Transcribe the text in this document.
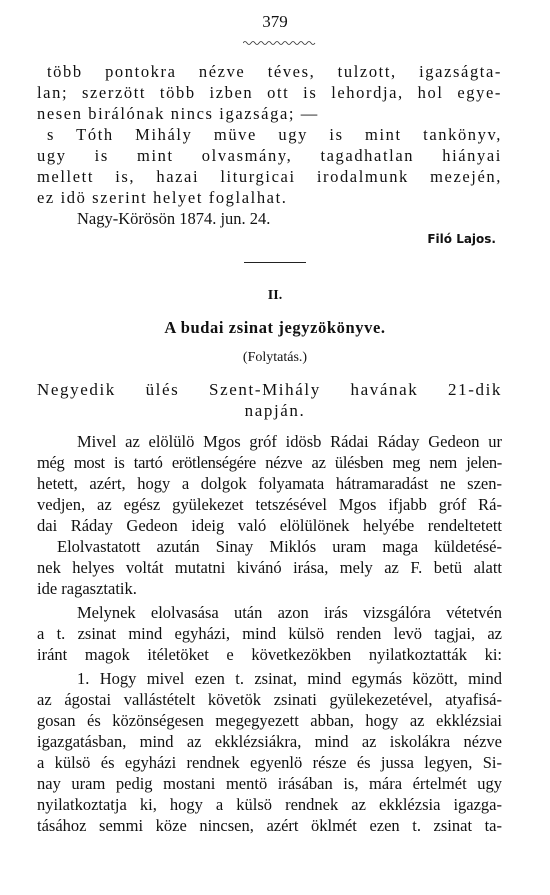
379
több pontokra nézve téves, tulzott, igazságta-
lan; szerzött több izben ott is lehordja, hol egye-
nesen birálónak nincs igazsága; —
s Tóth Mihály müve ugy is mint tankönyv,
ugy is mint olvasmány, tagadhatlan hiányai
mellett is, hazai liturgicai irodalmunk mezején,
ez idö szerint helyet foglalhat.
Nagy-Körösön 1874. jun. 24.
Filó Lajos.
II.
A budai zsinat jegyzökönyve.
(Folytatás.)
Negyedik ülés Szent-Mihály havának 21-dik
napján.
Mivel az elölülö Mgos gróf idösb Rádai Ráday Gedeon ur
még most is tartó erötlenségére nézve az ülésben meg nem jelen-
hetett, azért, hogy a dolgok folyamata hátramaradást ne szen-
vedjen, az egész gyülekezet tetszésével Mgos ifjabb gróf Rá-
dai Ráday Gedeon ideig való elölülönek helyébe rendeltetett
Elolvastatott azután Sinay Miklós uram maga küldetésé-
nek helyes voltát mutatni kivánó irása, mely az F. betü alatt
ide ragasztatik.
Melynek elolvasása után azon irás vizsgálóra vétetvén
a t. zsinat mind egyházi, mind külsö renden levö tagjai, az
iránt magok itéletöket e következökben nyilatkoztatták ki:
1. Hogy mivel ezen t. zsinat, mind egymás között, mind
az ágostai vallástételt követök zsinati gyülekezetével, atyafisá-
gosan és közönségesen megegyezett abban, hogy az ekklézsiai
igazgatásban, mind az ekklézsiákra, mind az iskolákra nézve
a külsö és egyházi rendnek egyenlö része és jussa legyen, Si-
nay uram pedig mostani mentö irásában is, mára értelmét ugy
nyilatkoztatja ki, hogy a külsö rendnek az ekklézsia igazga-
tásához semmi köze nincsen, azért öklmét ezen t. zsinat ta-
